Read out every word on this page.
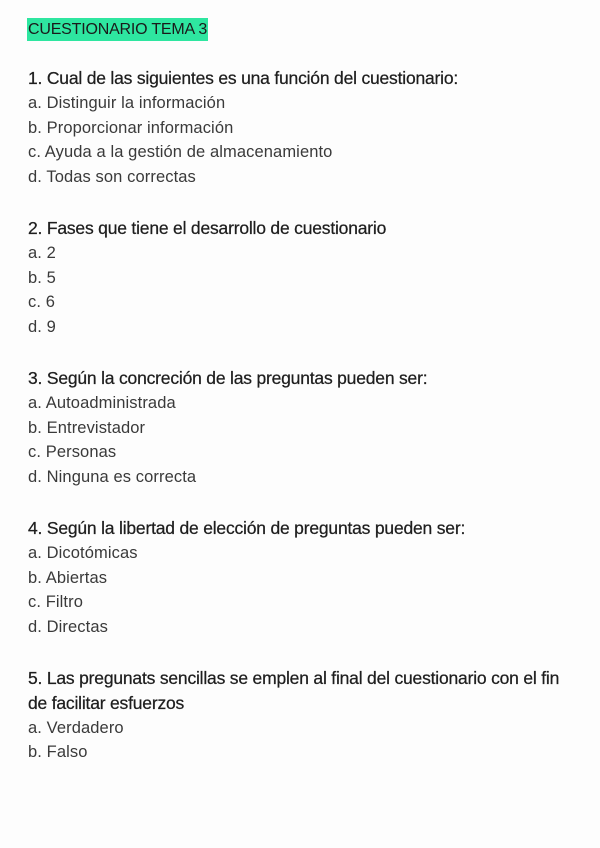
CUESTIONARIO TEMA 3
1. Cual de las siguientes es una función del cuestionario:
a. Distinguir la información
b. Proporcionar información
c. Ayuda a la gestión de almacenamiento
d. Todas son correctas
2. Fases que tiene el desarrollo de cuestionario
a. 2
b. 5
c. 6
d. 9
3. Según la concreción de las preguntas pueden ser:
a. Autoadministrada
b. Entrevistador
c. Personas
d. Ninguna es correcta
4. Según la libertad de elección de preguntas pueden ser:
a. Dicotómicas
b. Abiertas
c. Filtro
d. Directas
5. Las pregunats sencillas se emplen al final del cuestionario con el fin de facilitar esfuerzos
a. Verdadero
b. Falso
